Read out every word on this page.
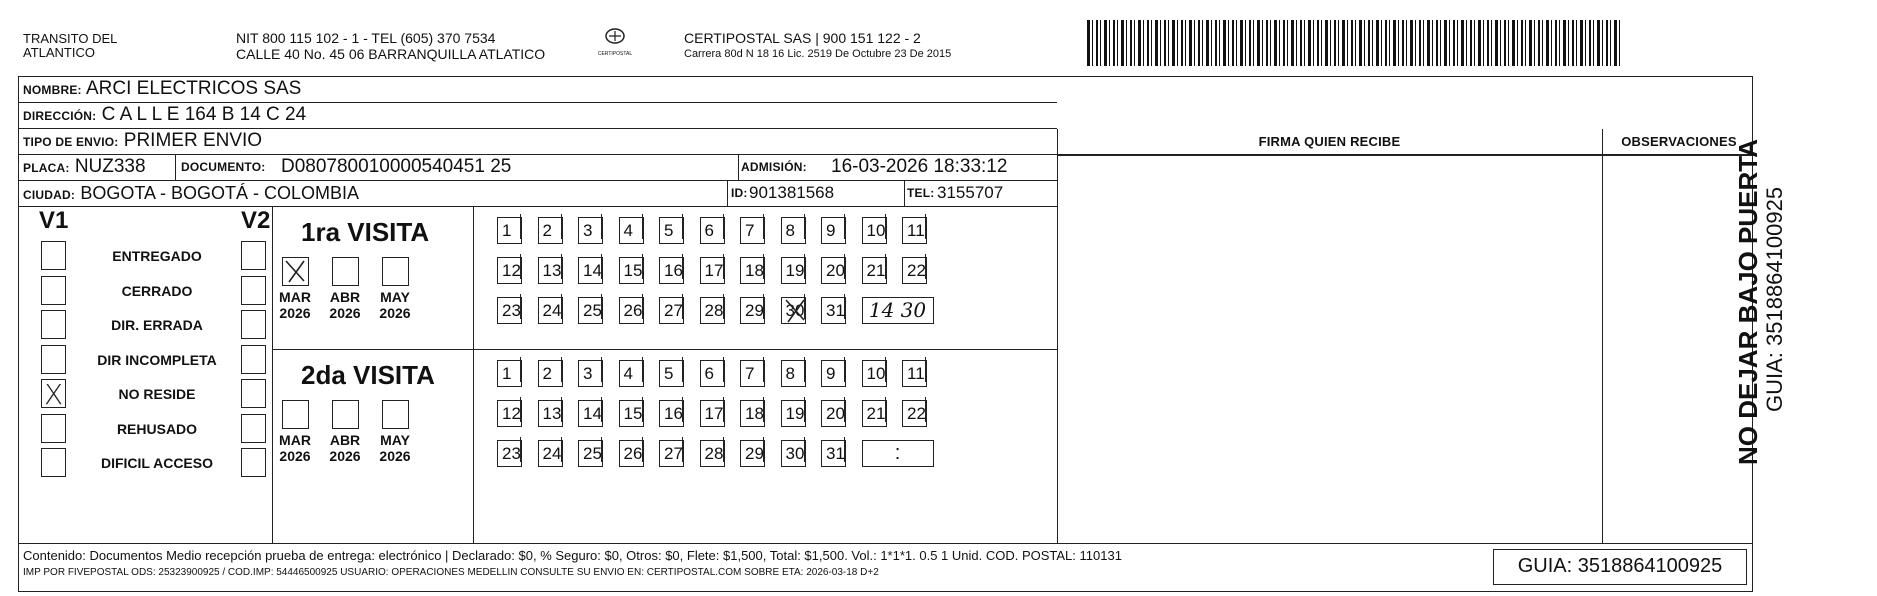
TRANSITO DEL
ATLANTICO
NIT 800 115 102 - 1 - TEL (605) 370 7534
CALLE 40 No. 45 06 BARRANQUILLA ATLATICO	CERTIPOSTAL
CERTIPOSTAL SAS | 900 151 122 - 2
Carrera 80d N 18 16 Lic. 2519 De Octubre 23 De 2015
NOMBRE: ARCI ELECTRICOS SAS
DIRECCIÓN: C A L L E 164 B 14 C 24
TIPO DE ENVIO: PRIMER ENVIO
PLACA: NUZ338	DOCUMENTO: D080780010000540451 25	ADMISIÓN: 16-03-2026 18:33:12
CIUDAD: BOGOTA - BOGOTÁ - COLOMBIA	ID: 901381568	TEL: 3155707
FIRMA QUIEN RECIBE	OBSERVACIONES
V1	V2
ENTREGADO
CERRADO
DIR. ERRADA
DIR INCOMPLETA
X
NO RESIDE
REHUSADO
DIFICIL ACCESO
1ra VISITA
MAR
2026
ABR
2026
MAY
2026
1	2	3	4	5	6	7	8	9	10 11
12 13 14 15 16 17 18 19 20 21 22
23 24 25 26 27 28 29 30 31	14 30
2da VISITA
MAR
2026
ABR
2026
MAY
2026
1	2	3	4	5	6	7	8	9	10 11
12 13 14 15 16 17 18 19 20 21 22
23 24 25 26 27 28 29 30 31	:
Contenido: Documentos Medio recepción prueba de entrega: electrónico | Declarado: $0, % Seguro: $0, Otros: $0, Flete: $1,500, Total: $1,500. Vol.: 1*1*1. 0.5 1 Unid. COD. POSTAL: 110131
IMP POR FIVEPOSTAL ODS: 25323900925 / COD.IMP: 54446500925 USUARIO: OPERACIONES MEDELLIN CONSULTE SU ENVIO EN: CERTIPOSTAL.COM SOBRE ETA: 2026-03-18 D+2	GUIA: 3518864100925
NO DEJAR BAJO PUERTA GUIA: 3518864100925
